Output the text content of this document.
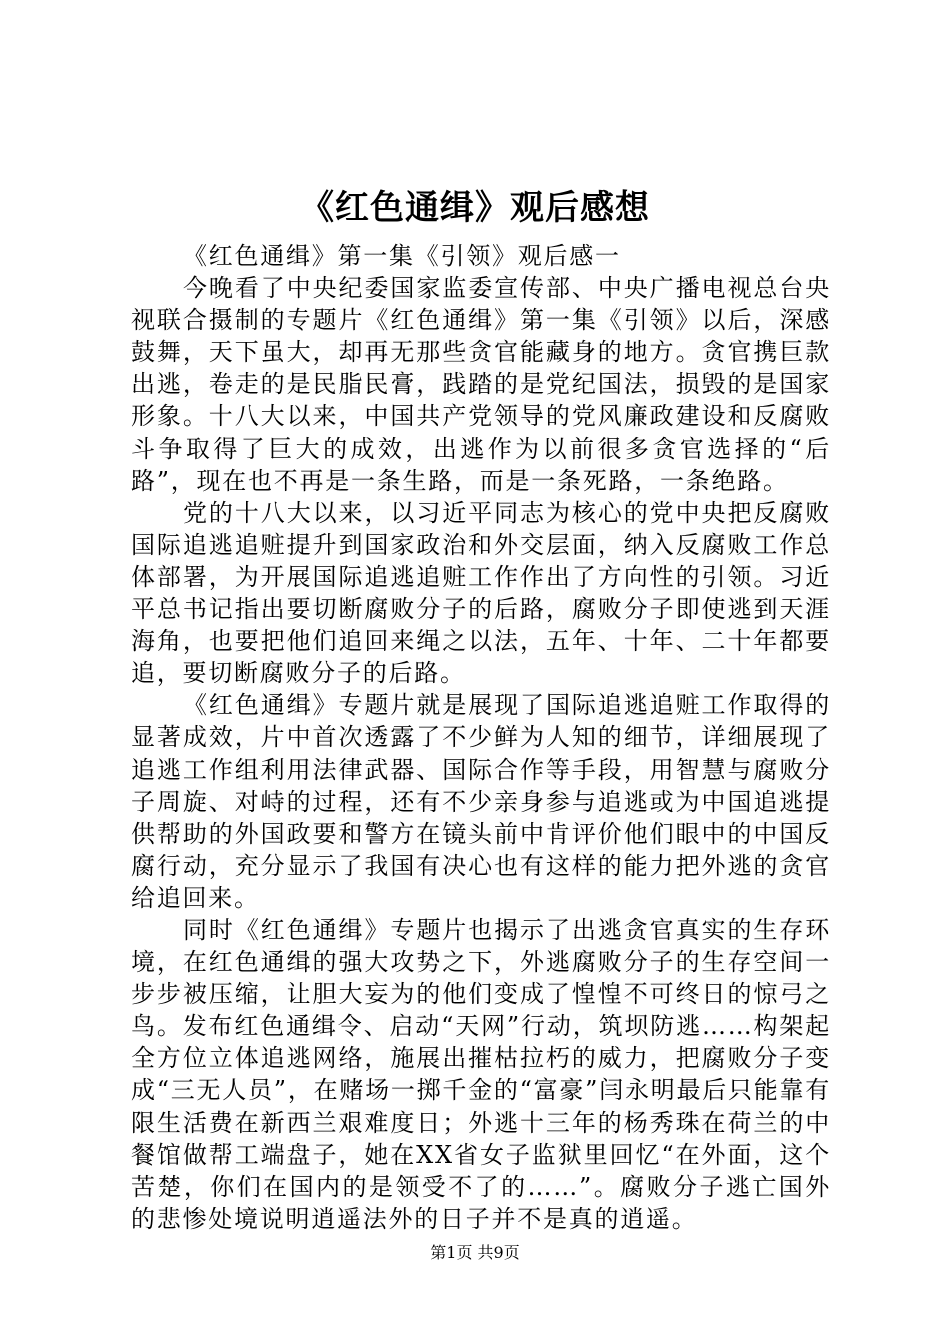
《红色通缉》观后感想

《红色通缉》第一集《引领》观后感一

今晚看了中央纪委国家监委宣传部、中央广播电视总台央视联合摄制的专题片《红色通缉》第一集《引领》以后，深感鼓舞，天下虽大，却再无那些贪官能藏身的地方。贪官携巨款出逃，卷走的是民脂民膏，践踏的是党纪国法，损毁的是国家形象。十八大以来，中国共产党领导的党风廉政建设和反腐败斗争取得了巨大的成效，出逃作为以前很多贪官选择的“后路”，现在也不再是一条生路，而是一条死路，一条绝路。

党的十八大以来，以习近平同志为核心的党中央把反腐败国际追逃追赃提升到国家政治和外交层面，纳入反腐败工作总体部署，为开展国际追逃追赃工作作出了方向性的引领。习近平总书记指出要切断腐败分子的后路，腐败分子即使逃到天涯海角，也要把他们追回来绳之以法，五年、十年、二十年都要追，要切断腐败分子的后路。

《红色通缉》专题片就是展现了国际追逃追赃工作取得的显著成效，片中首次透露了不少鲜为人知的细节，详细展现了追逃工作组利用法律武器、国际合作等手段，用智慧与腐败分子周旋、对峙的过程，还有不少亲身参与追逃或为中国追逃提供帮助的外国政要和警方在镜头前中肯评价他们眼中的中国反腐行动，充分显示了我国有决心也有这样的能力把外逃的贪官给追回来。

同时《红色通缉》专题片也揭示了出逃贪官真实的生存环境，在红色通缉的强大攻势之下，外逃腐败分子的生存空间一步步被压缩，让胆大妄为的他们变成了惶惶不可终日的惊弓之鸟。发布红色通缉令、启动“天网”行动，筑坝防逃……构架起全方位立体追逃网络，施展出摧枯拉朽的威力，把腐败分子变成“三无人员”，在赌场一掷千金的“富豪”闫永明最后只能靠有限生活费在新西兰艰难度日；外逃十三年的杨秀珠在荷兰的中餐馆做帮工端盘子，她在XX省女子监狱里回忆“在外面，这个苦楚，你们在国内的是领受不了的……”。腐败分子逃亡国外的悲惨处境说明逍遥法外的日子并不是真的逍遥。

第1页 共9页
